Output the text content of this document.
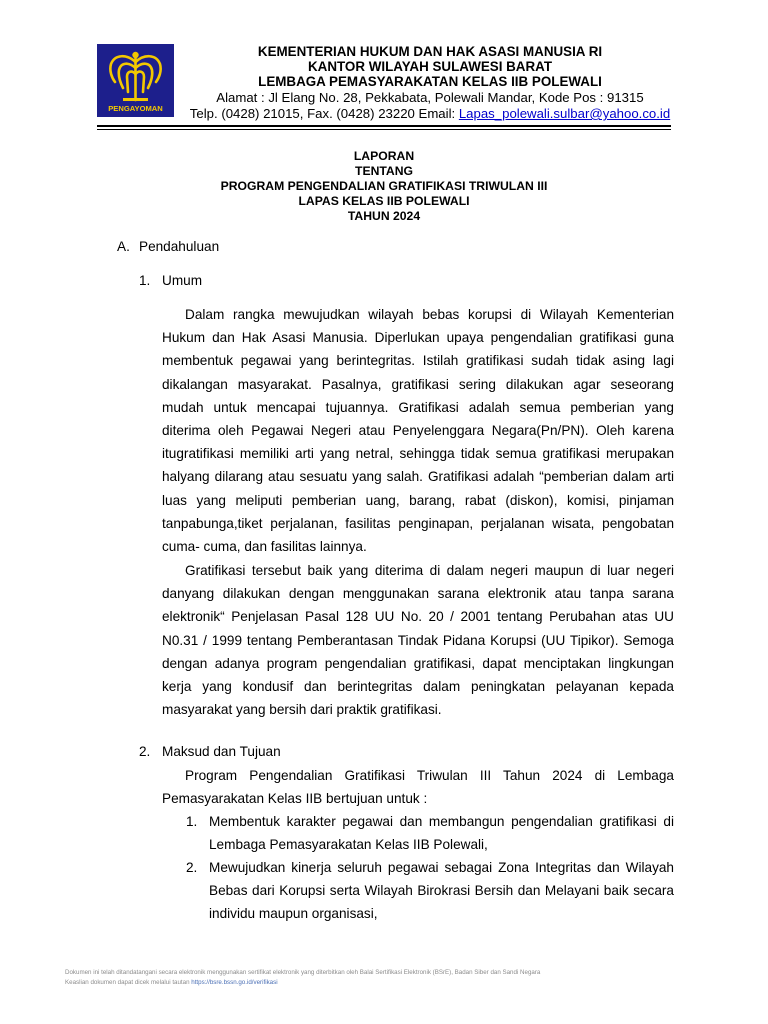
PENGAYOMAN
KEMENTERIAN HUKUM DAN HAK ASASI MANUSIA RI
KANTOR WILAYAH SULAWESI BARAT
LEMBAGA PEMASYARAKATAN KELAS IIB POLEWALI
Alamat : Jl Elang No. 28, Pekkabata, Polewali Mandar, Kode Pos : 91315
Telp. (0428) 21015, Fax. (0428) 23220 Email: Lapas_polewali.sulbar@yahoo.co.id
LAPORAN
TENTANG
PROGRAM PENGENDALIAN GRATIFIKASI TRIWULAN III
LAPAS KELAS IIB POLEWALI
TAHUN 2024
A. Pendahuluan
1. Umum
Dalam rangka mewujudkan wilayah bebas korupsi di Wilayah Kementerian Hukum dan Hak Asasi Manusia. Diperlukan upaya pengendalian gratifikasi guna membentuk pegawai yang berintegritas. Istilah gratifikasi sudah tidak asing lagi dikalangan masyarakat. Pasalnya, gratifikasi sering dilakukan agar seseorang mudah untuk mencapai tujuannya. Gratifikasi adalah semua pemberian yang diterima oleh Pegawai Negeri atau Penyelenggara Negara(Pn/PN). Oleh karena itugratifikasi memiliki arti yang netral, sehingga tidak semua gratifikasi merupakan halyang dilarang atau sesuatu yang salah. Gratifikasi adalah “pemberian dalam arti luas yang meliputi pemberian uang, barang, rabat (diskon), komisi, pinjaman tanpabunga,tiket perjalanan, fasilitas penginapan, perjalanan wisata, pengobatan cuma- cuma, dan fasilitas lainnya.
Gratifikasi tersebut baik yang diterima di dalam negeri maupun di luar negeri danyang dilakukan dengan menggunakan sarana elektronik atau tanpa sarana elektronik“ Penjelasan Pasal 128 UU No. 20 / 2001 tentang Perubahan atas UU N0.31 / 1999 tentang Pemberantasan Tindak Pidana Korupsi (UU Tipikor). Semoga dengan adanya program pengendalian gratifikasi, dapat menciptakan lingkungan kerja yang kondusif dan berintegritas dalam peningkatan pelayanan kepada masyarakat yang bersih dari praktik gratifikasi.
2. Maksud dan Tujuan
Program Pengendalian Gratifikasi Triwulan III Tahun 2024 di Lembaga Pemasyarakatan Kelas IIB bertujuan untuk :
1. Membentuk karakter pegawai dan membangun pengendalian gratifikasi di Lembaga Pemasyarakatan Kelas IIB Polewali,
2. Mewujudkan kinerja seluruh pegawai sebagai Zona Integritas dan Wilayah Bebas dari Korupsi serta Wilayah Birokrasi Bersih dan Melayani baik secara individu maupun organisasi,
Dokumen ini telah ditandatangani secara elektronik menggunakan sertifikat elektronik yang diterbitkan oleh Balai Sertifikasi Elektronik (BSrE), Badan Siber dan Sandi Negara
Keaslian dokumen dapat dicek melalui tautan https://bsre.bssn.go.id/verifikasi
